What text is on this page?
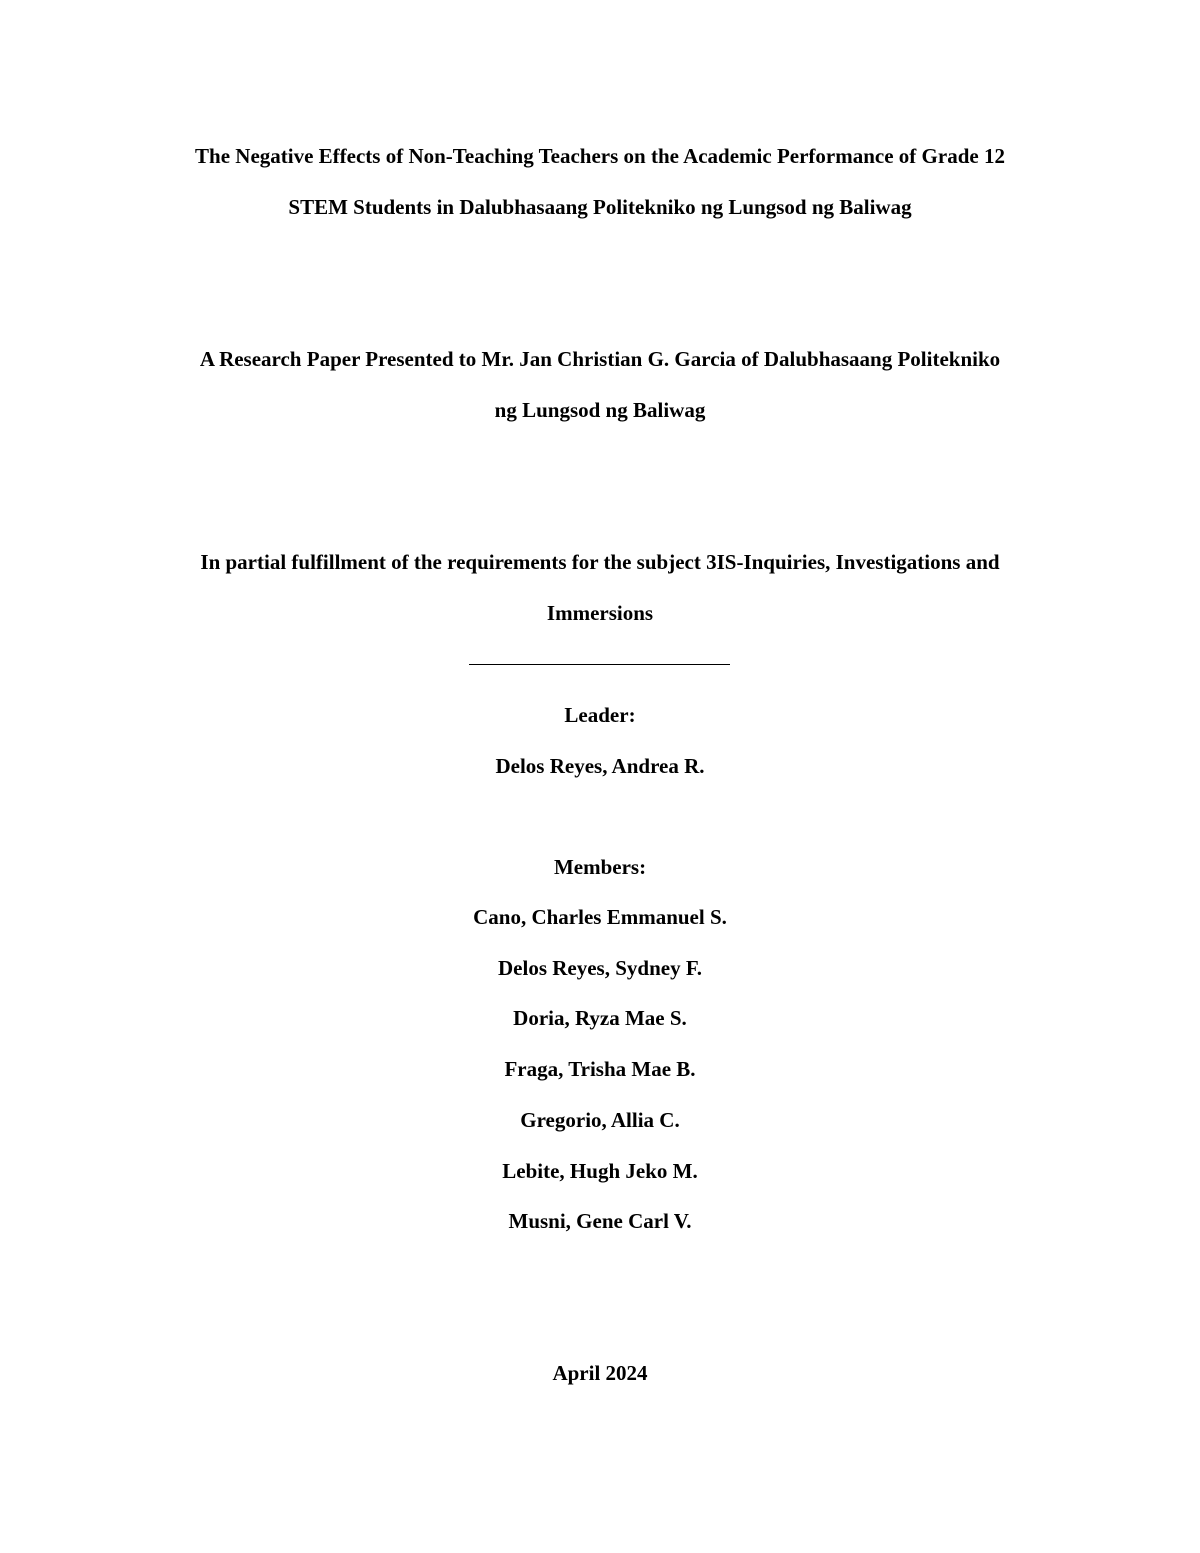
The Negative Effects of Non-Teaching Teachers on the Academic Performance of Grade 12
STEM Students in Dalubhasaang Politekniko ng Lungsod ng Baliwag
A Research Paper Presented to Mr. Jan Christian G. Garcia of Dalubhasaang Politekniko
ng Lungsod ng Baliwag
In partial fulfillment of the requirements for the subject 3IS-Inquiries, Investigations and
Immersions
Leader:
Delos Reyes, Andrea R.
Members:
Cano, Charles Emmanuel S.
Delos Reyes, Sydney F.
Doria, Ryza Mae S.
Fraga, Trisha Mae B.
Gregorio, Allia C.
Lebite, Hugh Jeko M.
Musni, Gene Carl V.
April 2024
